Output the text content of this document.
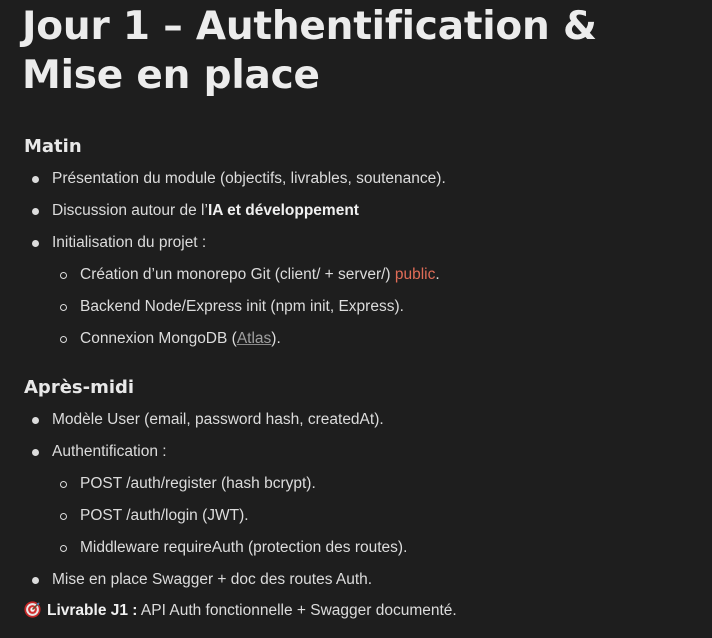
Jour 1 – Authentification & Mise en place
Matin
Présentation du module (objectifs, livrables, soutenance).
Discussion autour de l’IA et développement
Initialisation du projet :
Création d’un monorepo Git (client/ + server/) public.
Backend Node/Express init (npm init, Express).
Connexion MongoDB (Atlas).
Après-midi
Modèle User (email, password hash, createdAt).
Authentification :
POST /auth/register (hash bcrypt).
POST /auth/login (JWT).
Middleware requireAuth (protection des routes).
Mise en place Swagger + doc des routes Auth.
Livrable J1 : API Auth fonctionnelle + Swagger documenté.
